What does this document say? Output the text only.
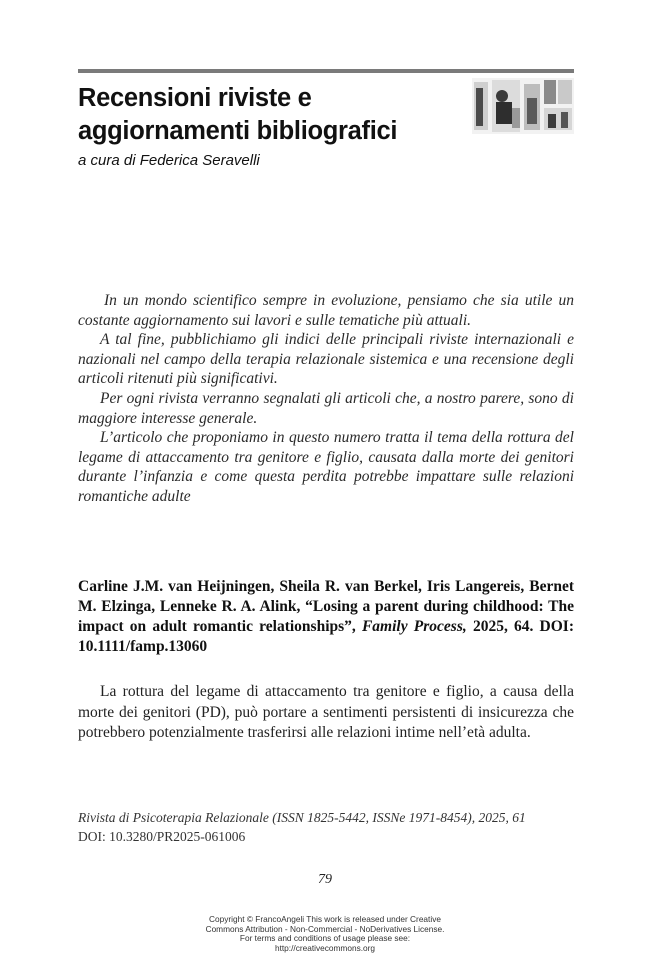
Recensioni riviste e
aggiornamenti bibliografici
a cura di Federica Seravelli

In un mondo scientifico sempre in evoluzione, pensiamo che sia utile un costante aggiornamento sui lavori e sulle tematiche più attuali.

A tal fine, pubblichiamo gli indici delle principali riviste internazionali e nazionali nel campo della terapia relazionale sistemica e una recensione degli articoli ritenuti più significativi.

Per ogni rivista verranno segnalati gli articoli che, a nostro parere, sono di maggiore interesse generale.

L’articolo che proponiamo in questo numero tratta il tema della rottura del legame di attaccamento tra genitore e figlio, causata dalla morte dei genitori durante l’infanzia e come questa perdita potrebbe impattare sulle relazioni romantiche adulte

Carline J.M. van Heijningen, Sheila R. van Berkel, Iris Langereis, Bernet M. Elzinga, Lenneke R. A. Alink, “Losing a parent during childhood: The impact on adult romantic relationships”, Family Process, 2025, 64. DOI: 10.1111/famp.13060

La rottura del legame di attaccamento tra genitore e figlio, a causa della morte dei genitori (PD), può portare a sentimenti persistenti di insicurezza che potrebbero potenzialmente trasferirsi alle relazioni intime nell’età adulta.

Rivista di Psicoterapia Relazionale (ISSN 1825-5442, ISSNe 1971-8454), 2025, 61
DOI: 10.3280/PR2025-061006
79
Copyright © FrancoAngeli This work is released under Creative
Commons Attribution - Non-Commercial - NoDerivatives License.
For terms and conditions of usage please see:
http://creativecommons.org
